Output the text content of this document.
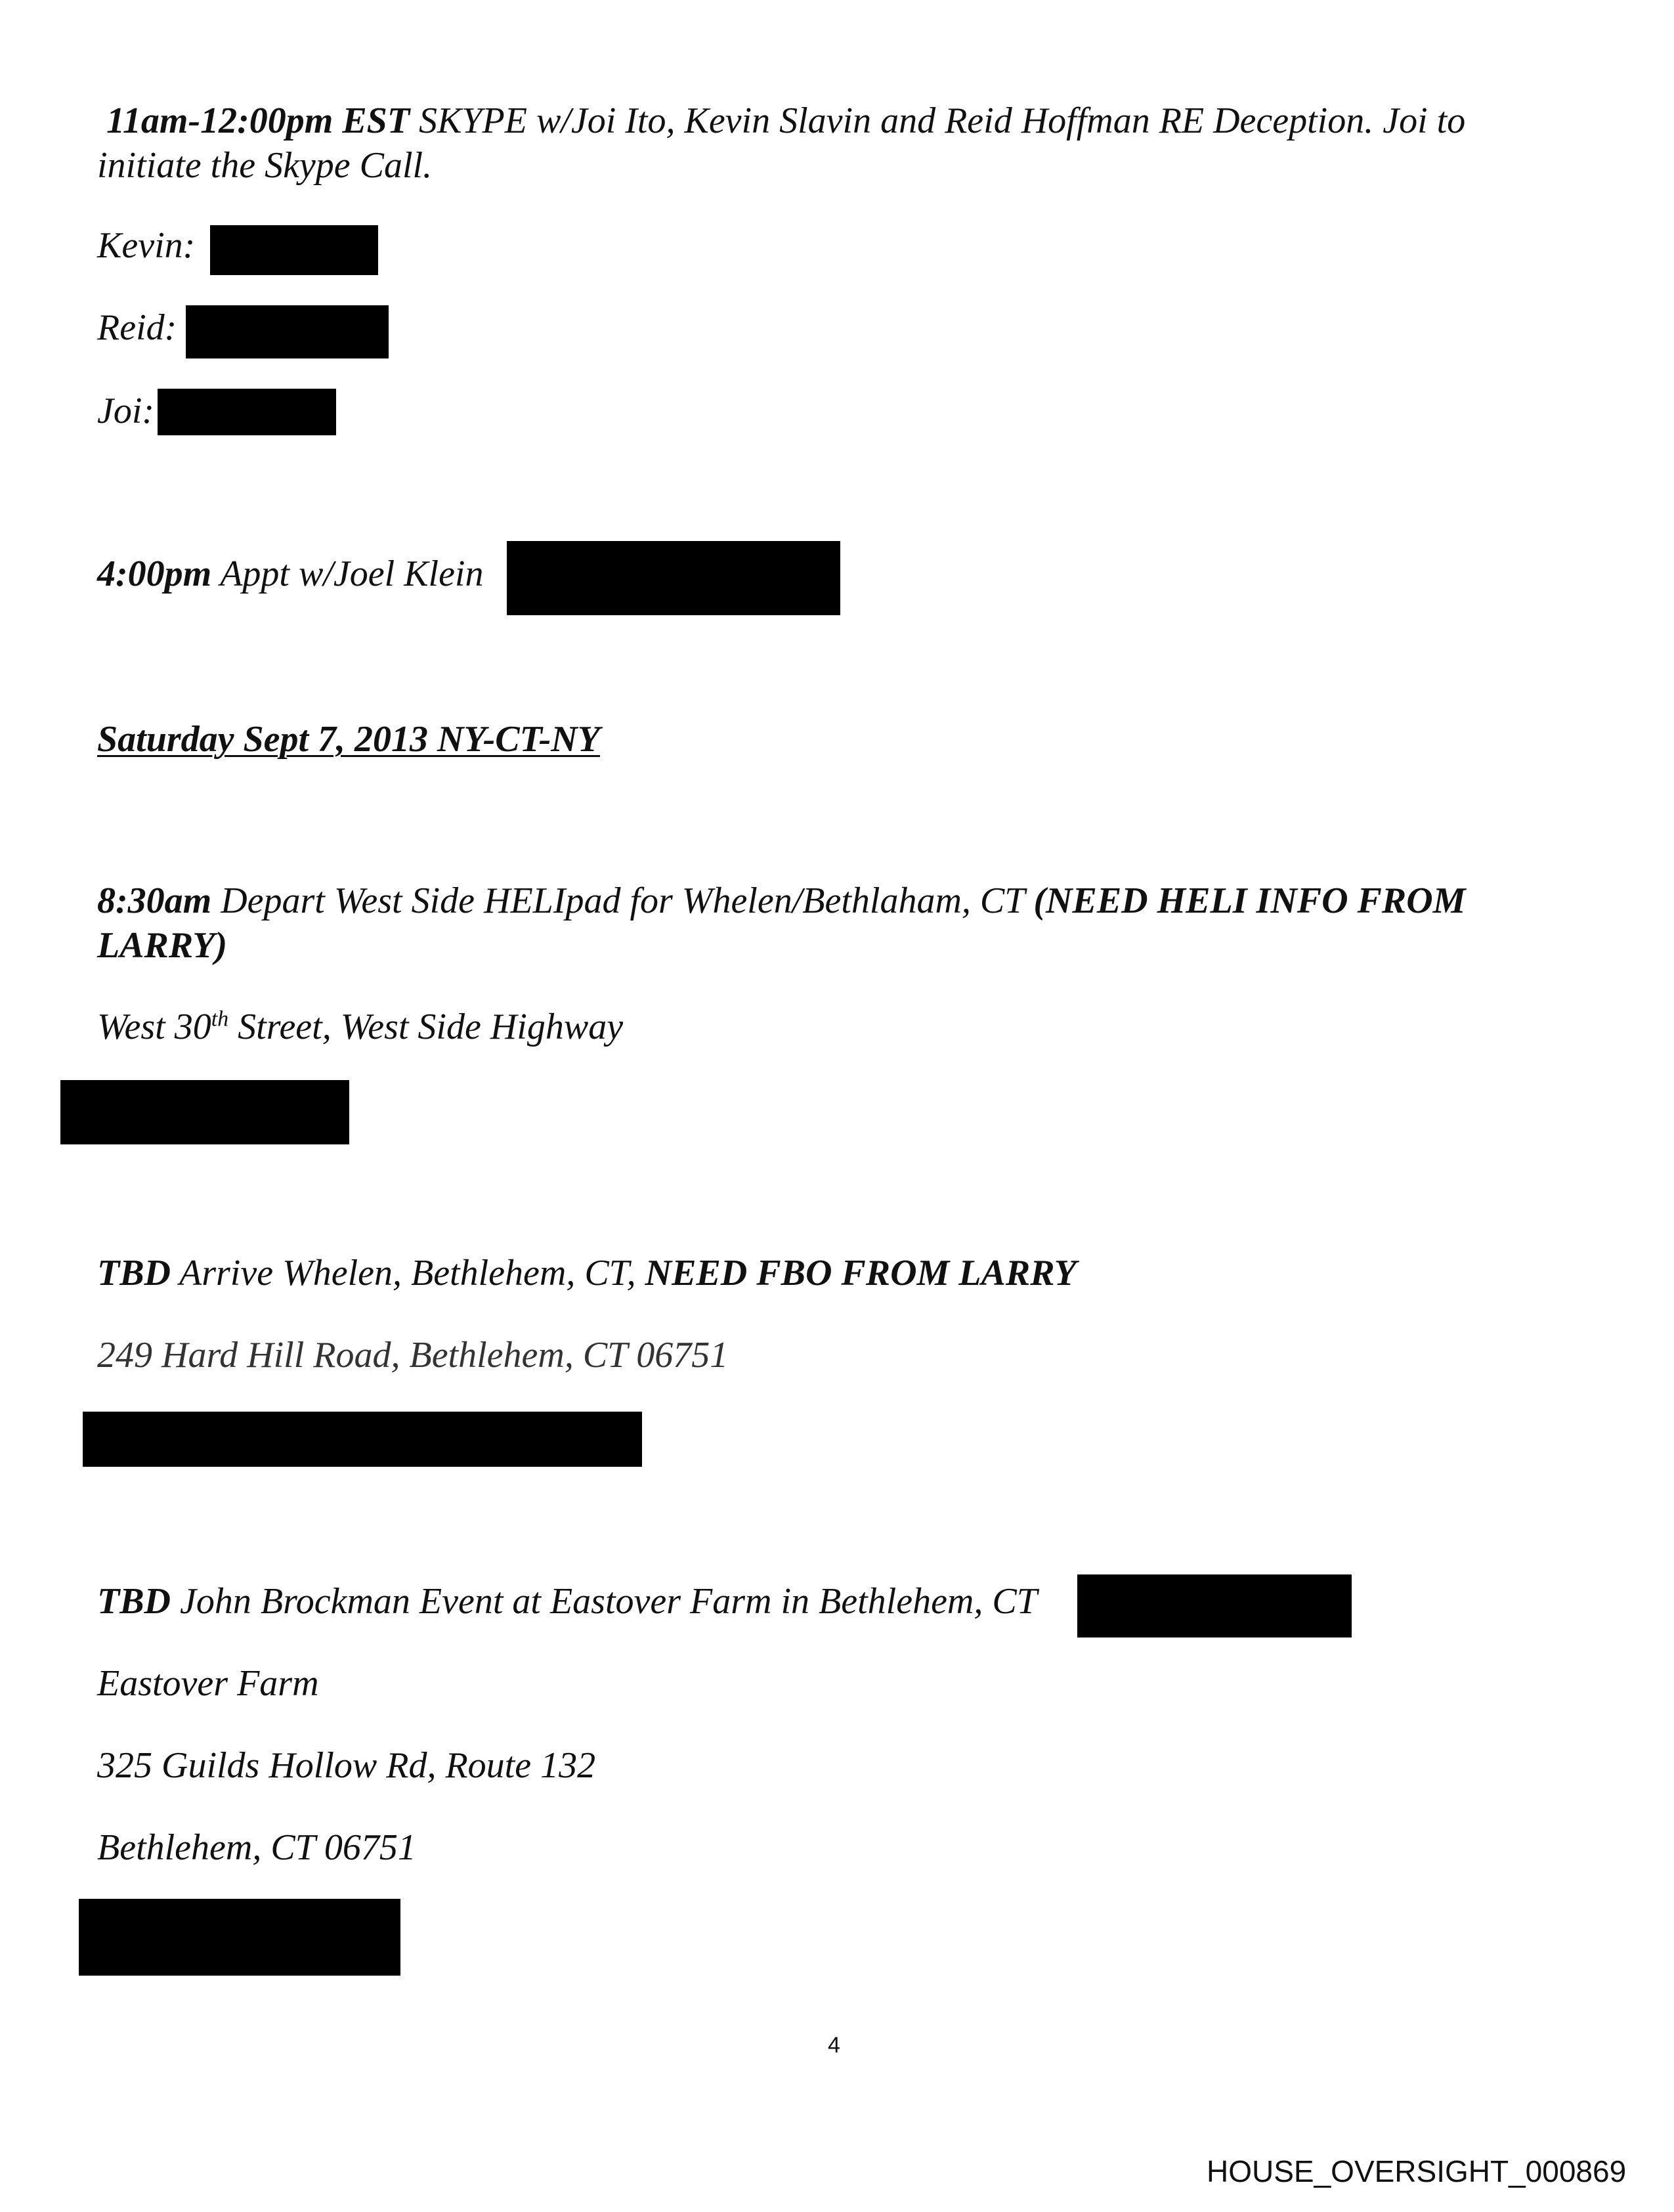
11am-12:00pm EST SKYPE w/Joi Ito, Kevin Slavin and Reid Hoffman RE Deception. Joi to initiate the Skype Call.
Kevin:
Reid:
Joi:
4:00pm Appt w/Joel Klein
Saturday Sept 7, 2013 NY-CT-NY
8:30am Depart West Side HELIpad for Whelen/Bethlaham, CT (NEED HELI INFO FROM LARRY)
West 30th Street, West Side Highway
TBD Arrive Whelen, Bethlehem, CT, NEED FBO FROM LARRY
249 Hard Hill Road, Bethlehem, CT 06751
TBD John Brockman Event at Eastover Farm in Bethlehem, CT
Eastover Farm
325 Guilds Hollow Rd, Route 132
Bethlehem, CT 06751
4
HOUSE_OVERSIGHT_000869
